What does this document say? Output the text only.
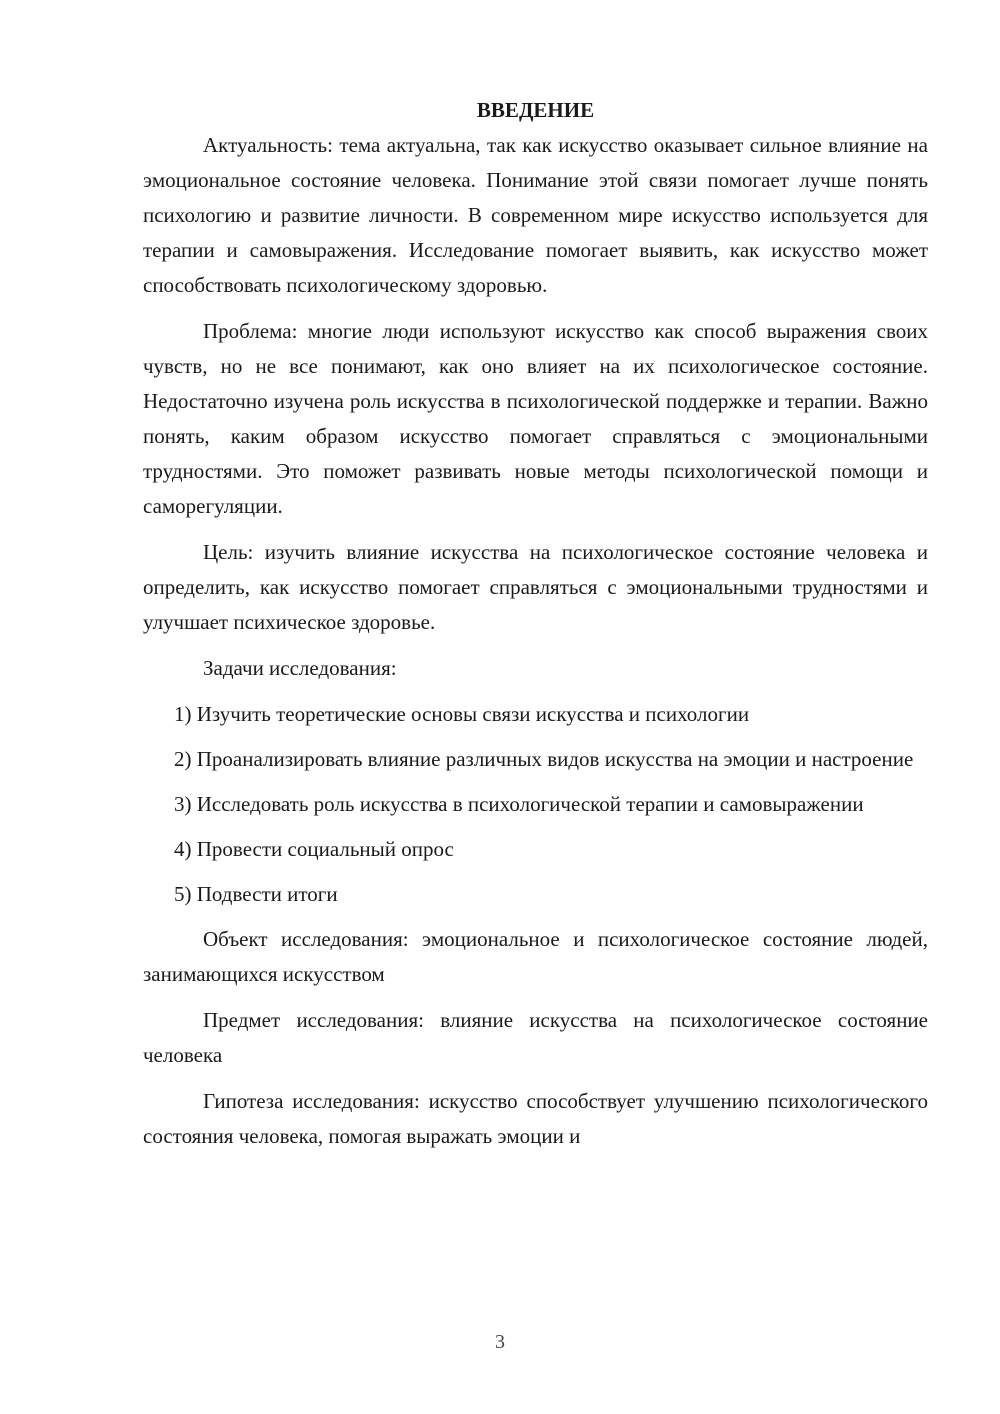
ВВЕДЕНИЕ

Актуальность: тема актуальна, так как искусство оказывает сильное влияние на эмоциональное состояние человека. Понимание этой связи помогает лучше понять психологию и развитие личности. В современном мире искусство используется для терапии и самовыражения. Исследование помогает выявить, как искусство может способствовать психологическому здоровью.

Проблема: многие люди используют искусство как способ выражения своих чувств, но не все понимают, как оно влияет на их психологическое состояние. Недостаточно изучена роль искусства в психологической поддержке и терапии. Важно понять, каким образом искусство помогает справляться с эмоциональными трудностями. Это поможет развивать новые методы психологической помощи и саморегуляции.

Цель: изучить влияние искусства на психологическое состояние человека и определить, как искусство помогает справляться с эмоциональными трудностями и улучшает психическое здоровье.

Задачи исследования:

1) Изучить теоретические основы связи искусства и психологии

2) Проанализировать влияние различных видов искусства на эмоции и настроение

3) Исследовать роль искусства в психологической терапии и самовыражении

4) Провести социальный опрос

5) Подвести итоги

Объект исследования: эмоциональное и психологическое состояние людей, занимающихся искусством

Предмет исследования: влияние искусства на психологическое состояние человека

Гипотеза исследования: искусство способствует улучшению психологического состояния человека, помогая выражать эмоции и

3
